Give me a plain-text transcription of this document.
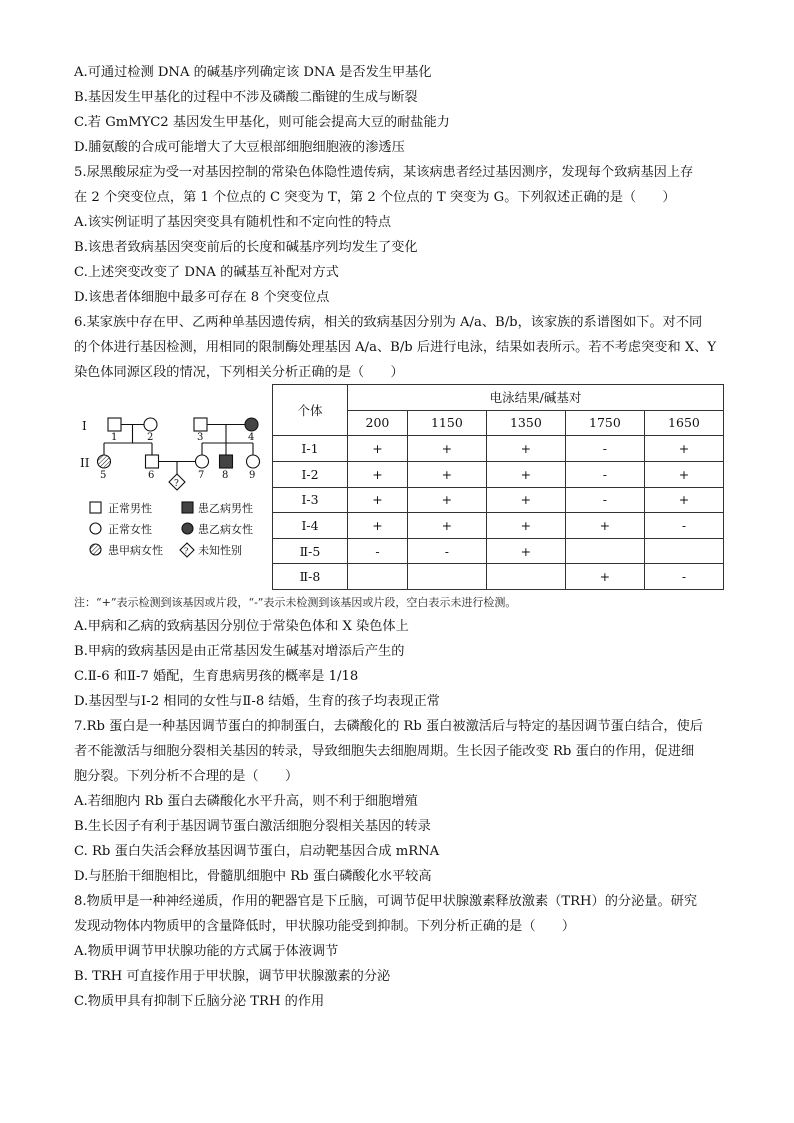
A.可通过检测 DNA 的碱基序列确定该 DNA 是否发生甲基化
B.基因发生甲基化的过程中不涉及磷酸二酯键的生成与断裂
C.若 GmMYC2 基因发生甲基化，则可能会提高大豆的耐盐能力
D.脯氨酸的合成可能增大了大豆根部细胞细胞液的渗透压
5.尿黑酸尿症为受一对基因控制的常染色体隐性遗传病，某该病患者经过基因测序，发现每个致病基因上存
在 2 个突变位点，第 1 个位点的 C 突变为 T，第 2 个位点的 T 突变为 G。下列叙述正确的是（　　）
A.该实例证明了基因突变具有随机性和不定向性的特点
B.该患者致病基因突变前后的长度和碱基序列均发生了变化
C.上述突变改变了 DNA 的碱基互补配对方式
D.该患者体细胞中最多可存在 8 个突变位点
6.某家族中存在甲、乙两种单基因遗传病，相关的致病基因分别为 A/a、B/b，该家族的系谱图如下。对不同
的个体进行基因检测，用相同的限制酶处理基因 A/a、B/b 后进行电泳，结果如表所示。若不考虑突变和 X、Y
染色体同源区段的情况，下列相关分析正确的是（　　）
I
II
1	2	3	4
?
5	6	7 8 9
正常男性	患乙病男性
正常女性	患乙病女性
患甲病女性	? 未知性别
个体	电泳结果/碱基对				
	200	1150	1350	1750	1650
Ⅰ-1	+	+	+	-	+
Ⅰ-2	+	+	+	-	+
Ⅰ-3	+	+	+	-	+
Ⅰ-4	+	+	+	+	-
Ⅱ-5	-	-	+		
Ⅱ-8				+	-
注：“+”表示检测到该基因或片段，“-”表示未检测到该基因或片段，空白表示未进行检测。
A.甲病和乙病的致病基因分别位于常染色体和 X 染色体上
B.甲病的致病基因是由正常基因发生碱基对增添后产生的
C.Ⅱ-6 和Ⅱ-7 婚配，生育患病男孩的概率是 1/18
D.基因型与Ⅰ-2 相同的女性与Ⅱ-8 结婚，生育的孩子均表现正常
7.Rb 蛋白是一种基因调节蛋白的抑制蛋白，去磷酸化的 Rb 蛋白被激活后与特定的基因调节蛋白结合，使后
者不能激活与细胞分裂相关基因的转录，导致细胞失去细胞周期。生长因子能改变 Rb 蛋白的作用，促进细
胞分裂。下列分析不合理的是（　　）
A.若细胞内 Rb 蛋白去磷酸化水平升高，则不利于细胞增殖
B.生长因子有利于基因调节蛋白激活细胞分裂相关基因的转录
C. Rb 蛋白失活会释放基因调节蛋白，启动靶基因合成 mRNA
D.与胚胎干细胞相比，骨髓肌细胞中 Rb 蛋白磷酸化水平较高
8.物质甲是一种神经递质，作用的靶器官是下丘脑，可调节促甲状腺激素释放激素（TRH）的分泌量。研究
发现动物体内物质甲的含量降低时，甲状腺功能受到抑制。下列分析正确的是（　　）
A.物质甲调节甲状腺功能的方式属于体液调节
B. TRH 可直接作用于甲状腺，调节甲状腺激素的分泌
C.物质甲具有抑制下丘脑分泌 TRH 的作用
